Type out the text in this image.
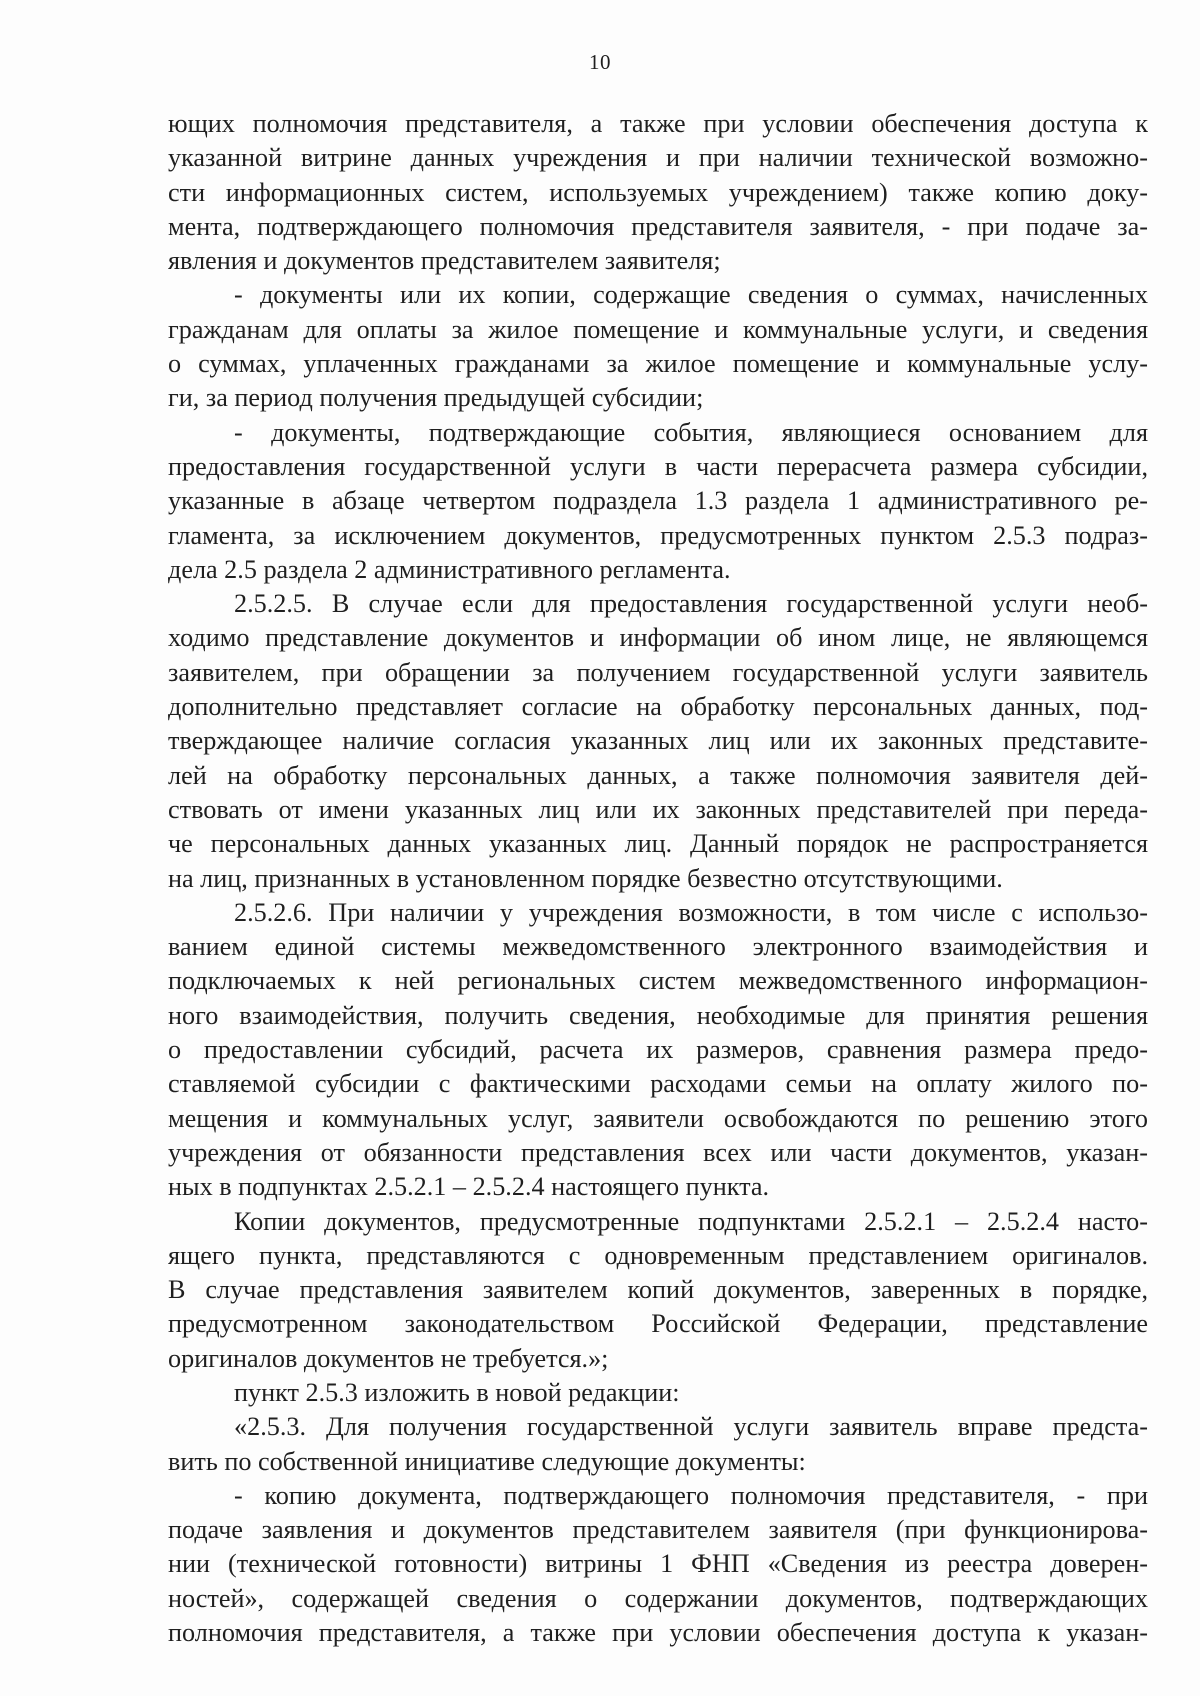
10

ющих полномочия представителя, а также при условии обеспечения доступа к

указанной витрине данных учреждения и при наличии технической возможно-

сти информационных систем, используемых учреждением) также копию доку-

мента, подтверждающего полномочия представителя заявителя, - при подаче за-

явления и документов представителем заявителя;

- документы или их копии, содержащие сведения о суммах, начисленных

гражданам для оплаты за жилое помещение и коммунальные услуги, и сведения

о суммах, уплаченных гражданами за жилое помещение и коммунальные услу-

ги, за период получения предыдущей субсидии;

- документы, подтверждающие события, являющиеся основанием для

предоставления государственной услуги в части перерасчета размера субсидии,

указанные в абзаце четвертом подраздела 1.3 раздела 1 административного ре-

гламента, за исключением документов, предусмотренных пунктом 2.5.3 подраз-

дела 2.5 раздела 2 административного регламента.

2.5.2.5. В случае если для предоставления государственной услуги необ-

ходимо представление документов и информации об ином лице, не являющемся

заявителем, при обращении за получением государственной услуги заявитель

дополнительно представляет согласие на обработку персональных данных, под-

тверждающее наличие согласия указанных лиц или их законных представите-

лей на обработку персональных данных, а также полномочия заявителя дей-

ствовать от имени указанных лиц или их законных представителей при переда-

че персональных данных указанных лиц. Данный порядок не распространяется

на лиц, признанных в установленном порядке безвестно отсутствующими.

2.5.2.6. При наличии у учреждения возможности, в том числе с использо-

ванием единой системы межведомственного электронного взаимодействия и

подключаемых к ней региональных систем межведомственного информацион-

ного взаимодействия, получить сведения, необходимые для принятия решения

о предоставлении субсидий, расчета их размеров, сравнения размера предо-

ставляемой субсидии с фактическими расходами семьи на оплату жилого по-

мещения и коммунальных услуг, заявители освобождаются по решению этого

учреждения от обязанности представления всех или части документов, указан-

ных в подпунктах 2.5.2.1 – 2.5.2.4 настоящего пункта.

Копии документов, предусмотренные подпунктами 2.5.2.1 – 2.5.2.4 насто-

ящего пункта, представляются с одновременным представлением оригиналов.

В случае представления заявителем копий документов, заверенных в порядке,

предусмотренном законодательством Российской Федерации, представление

оригиналов документов не требуется.»;

пункт 2.5.3 изложить в новой редакции:

«2.5.3. Для получения государственной услуги заявитель вправе предста-

вить по собственной инициативе следующие документы:

- копию документа, подтверждающего полномочия представителя, - при

подаче заявления и документов представителем заявителя (при функционирова-

нии (технической готовности) витрины 1 ФНП «Сведения из реестра доверен-

ностей», содержащей сведения о содержании документов, подтверждающих

полномочия представителя, а также при условии обеспечения доступа к указан-
